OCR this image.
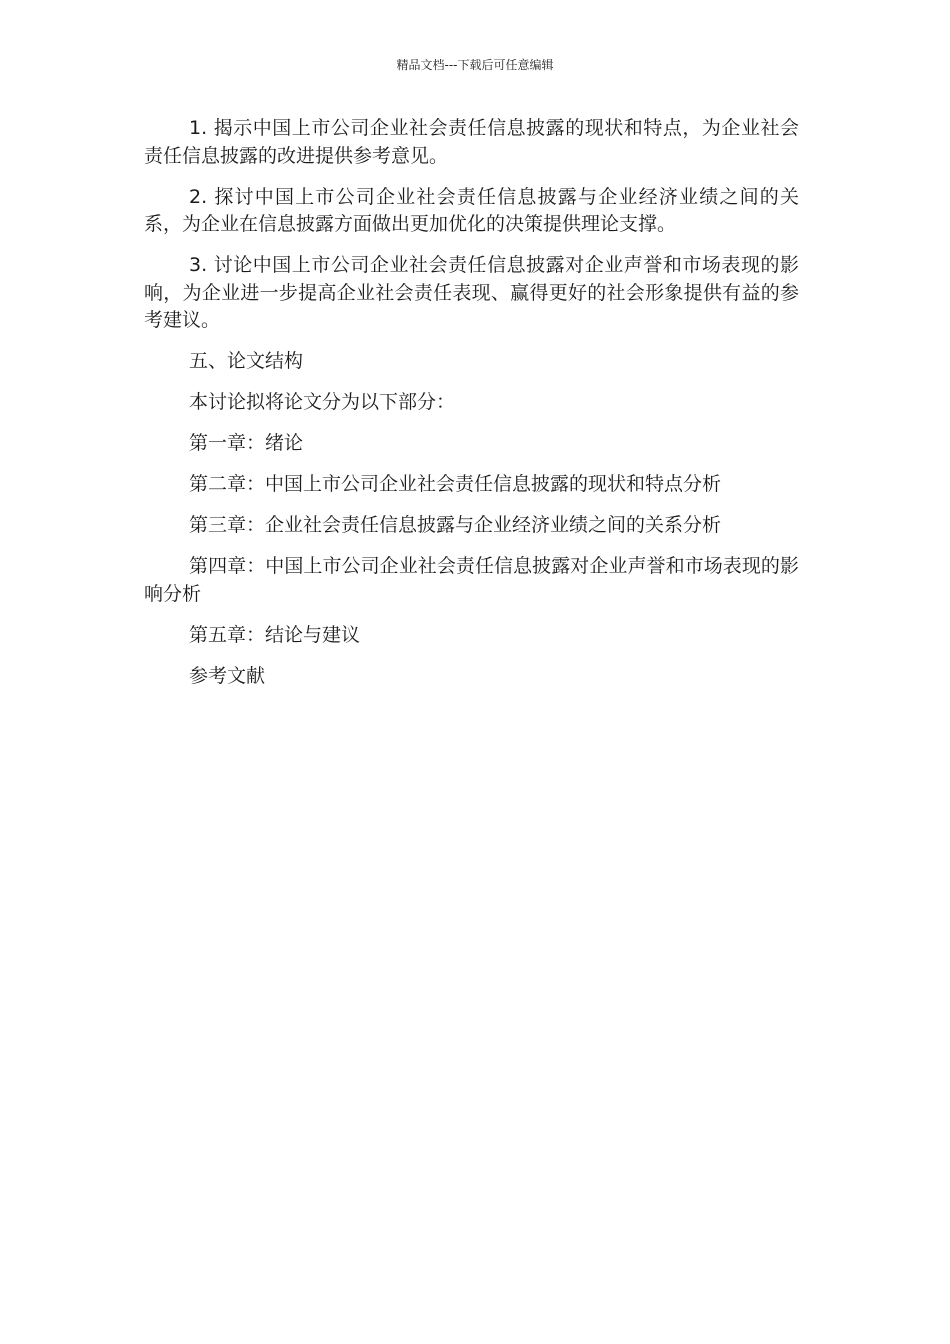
精品文档---下载后可任意编辑

1. 揭示中国上市公司企业社会责任信息披露的现状和特点，为企业社会责任信息披露的改进提供参考意见。

2. 探讨中国上市公司企业社会责任信息披露与企业经济业绩之间的关系，为企业在信息披露方面做出更加优化的决策提供理论支撑。

3. 讨论中国上市公司企业社会责任信息披露对企业声誉和市场表现的影响，为企业进一步提高企业社会责任表现、赢得更好的社会形象提供有益的参考建议。

五、论文结构

本讨论拟将论文分为以下部分：

第一章：绪论

第二章：中国上市公司企业社会责任信息披露的现状和特点分析

第三章：企业社会责任信息披露与企业经济业绩之间的关系分析

第四章：中国上市公司企业社会责任信息披露对企业声誉和市场表现的影响分析

第五章：结论与建议

参考文献
